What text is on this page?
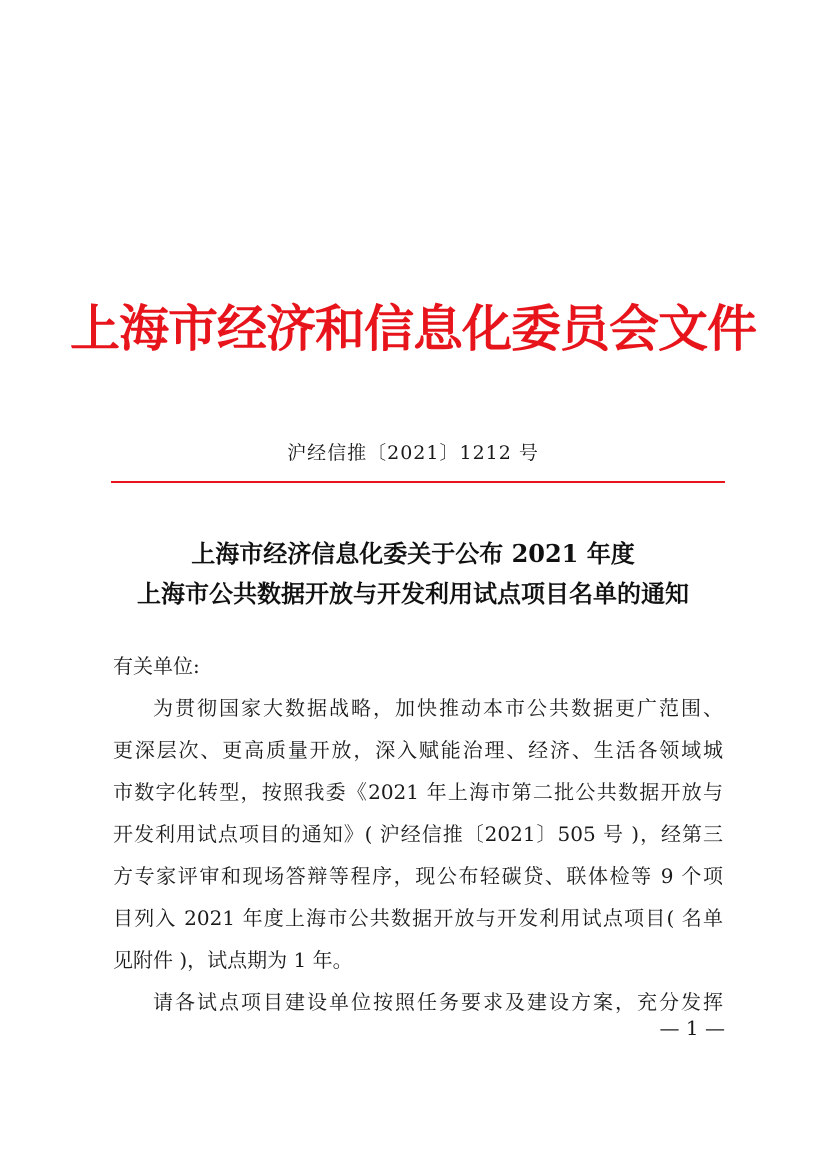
上海市经济和信息化委员会文件
沪经信推〔2021〕1212 号
上海市经济信息化委关于公布 2021 年度
上海市公共数据开放与开发利用试点项目名单的通知
有关单位:
为贯彻国家大数据战略，加快推动本市公共数据更广范围、
更深层次、更高质量开放，深入赋能治理、经济、生活各领域城
市数字化转型，按照我委《2021 年上海市第二批公共数据开放与
开发利用试点项目的通知》( 沪经信推〔2021〕505 号 )，经第三
方专家评审和现场答辩等程序，现公布轻碳贷、联体检等 9 个项
目列入 2021 年度上海市公共数据开放与开发利用试点项目( 名单
见附件 )，试点期为 1 年。
请各试点项目建设单位按照任务要求及建设方案，充分发挥
— 1 —
